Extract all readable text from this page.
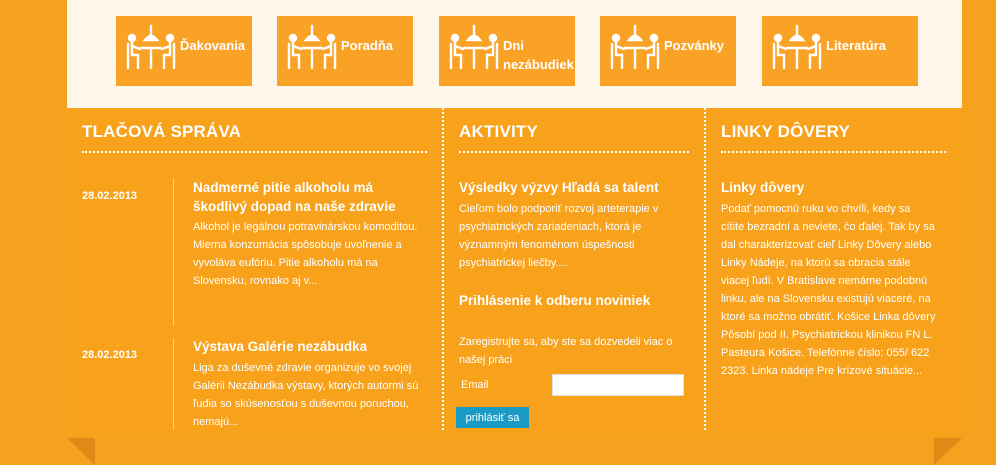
Ďakovania	Poradňa	Dni nezábudiek
Pozvánky	Literatúra
TLAČOVÁ SPRÁVA
28.02.2013
Nadmerné pitie alkoholu má škodlivý dopad na naše zdravie
Alkohol je legálnou potravinárskou komoditou. Mierna konzumácia spôsobuje uvoľnenie a vyvoláva eufóriu. Pitie alkoholu má na Slovensku, rovnako aj v...
28.02.2013
Výstava Galérie nezábudka
Liga za duševné zdravie organizuje vo svojej Galérii Nezábudka výstavy, ktorých autormi sú ľudia so skúsenosťou s duševnou poruchou, nemajú...
AKTIVITY
Výsledky výzvy Hľadá sa talent
Cieľom bolo podporiť rozvoj arteterapie v psychiatrických zariadeniach, ktorá je významným fenoménom úspešnosti psychiatrickej liečby....
Prihlásenie k odberu noviniek
Zaregistrujte sa, aby ste sa dozvedeli viac o našej práci
Email
prihlásiť sa
LINKY DÔVERY
Linky dôvery
Podať pomocnú ruku vo chvíli, kedy sa cítite bezradní a neviete, čo ďalej. Tak by sa dal charakterizovať cieľ Linky Dôvery alebo Linky Nádeje, na ktorú sa obracia stále viacej ľudí. V Bratislave nemáme podobnú linku, ale na Slovensku existujú viaceré, na ktoré sa možno obrátiť. Košice Linka dôvery Pôsobí pod II. Psychiatrickou klinikou FN L. Pasteura Košice. Telefónne číslo: 055/ 622 2323. Linka nádeje Pre krízové situácie...
